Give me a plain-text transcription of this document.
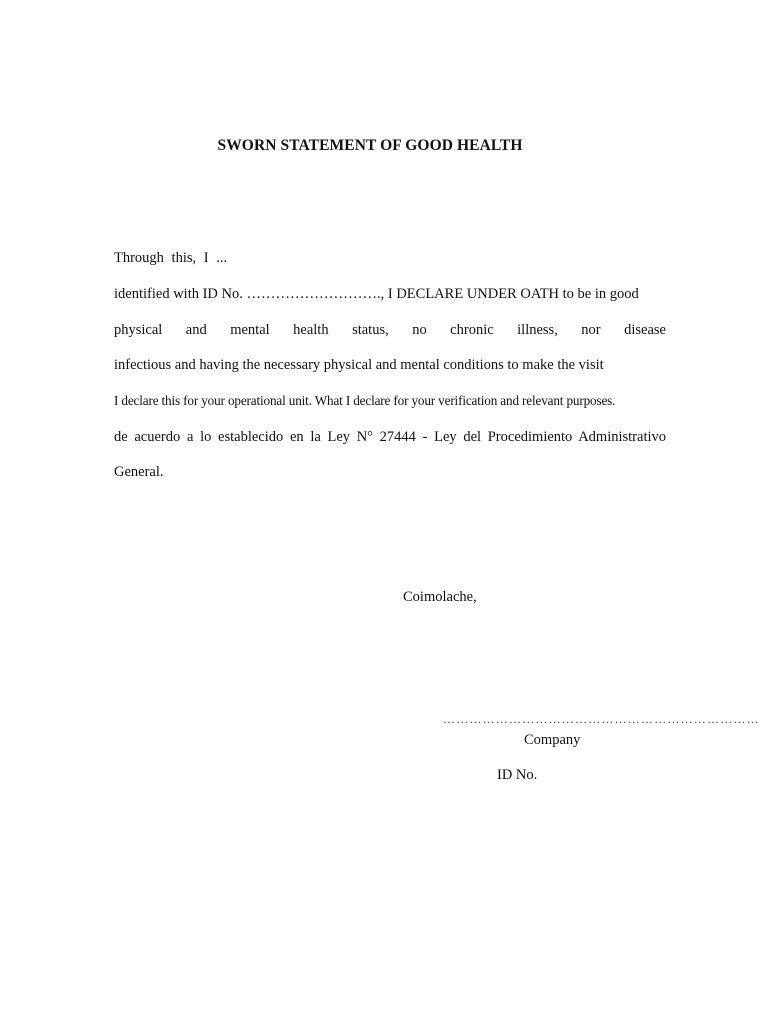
SWORN STATEMENT OF GOOD HEALTH
Through this, I ...
identified with ID No. ………………………., I DECLARE UNDER OATH to be in good
physical and mental health status, no chronic illness, nor disease
infectious and having the necessary physical and mental conditions to make the visit
I declare this for your operational unit. What I declare for your verification and relevant purposes.
de acuerdo a lo establecido en la Ley N° 27444 - Ley del Procedimiento Administrativo
General.
Coimolache,
………………………………………………………………
Company
ID No.
